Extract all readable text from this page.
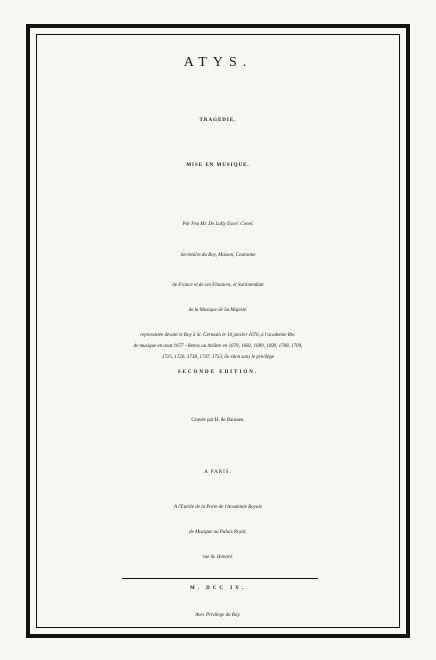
ATYS.
TRAGEDIE.
MISE EN MUSIQUE.
Par Feu Mr. De Lully Escer. Coner.
Secretaire du Roy, Maison, Couronne
de France et de ses Finances, et Surintendant
de la Musique de Sa Majesté.
representée devant le Roy à St. Germain le 10 janvier 1676, à l'academie Rle.
de musique en aout 1677 - Remis au théâtre en 1678, 1682, 1689, 1699, 1708, 1709,
1725, 1726, 1738, 1747, 1753, 6e édon sans le privilège
SECONDE EDITION.
Gravée par H. de Baussen.
A PARIS.
A l'Entrée de la Porte de l'Academie Royale
de Musique au Palais Royal,
rue St. Honoré.
M. DCC IX.
Avec Privilege du Roy.
